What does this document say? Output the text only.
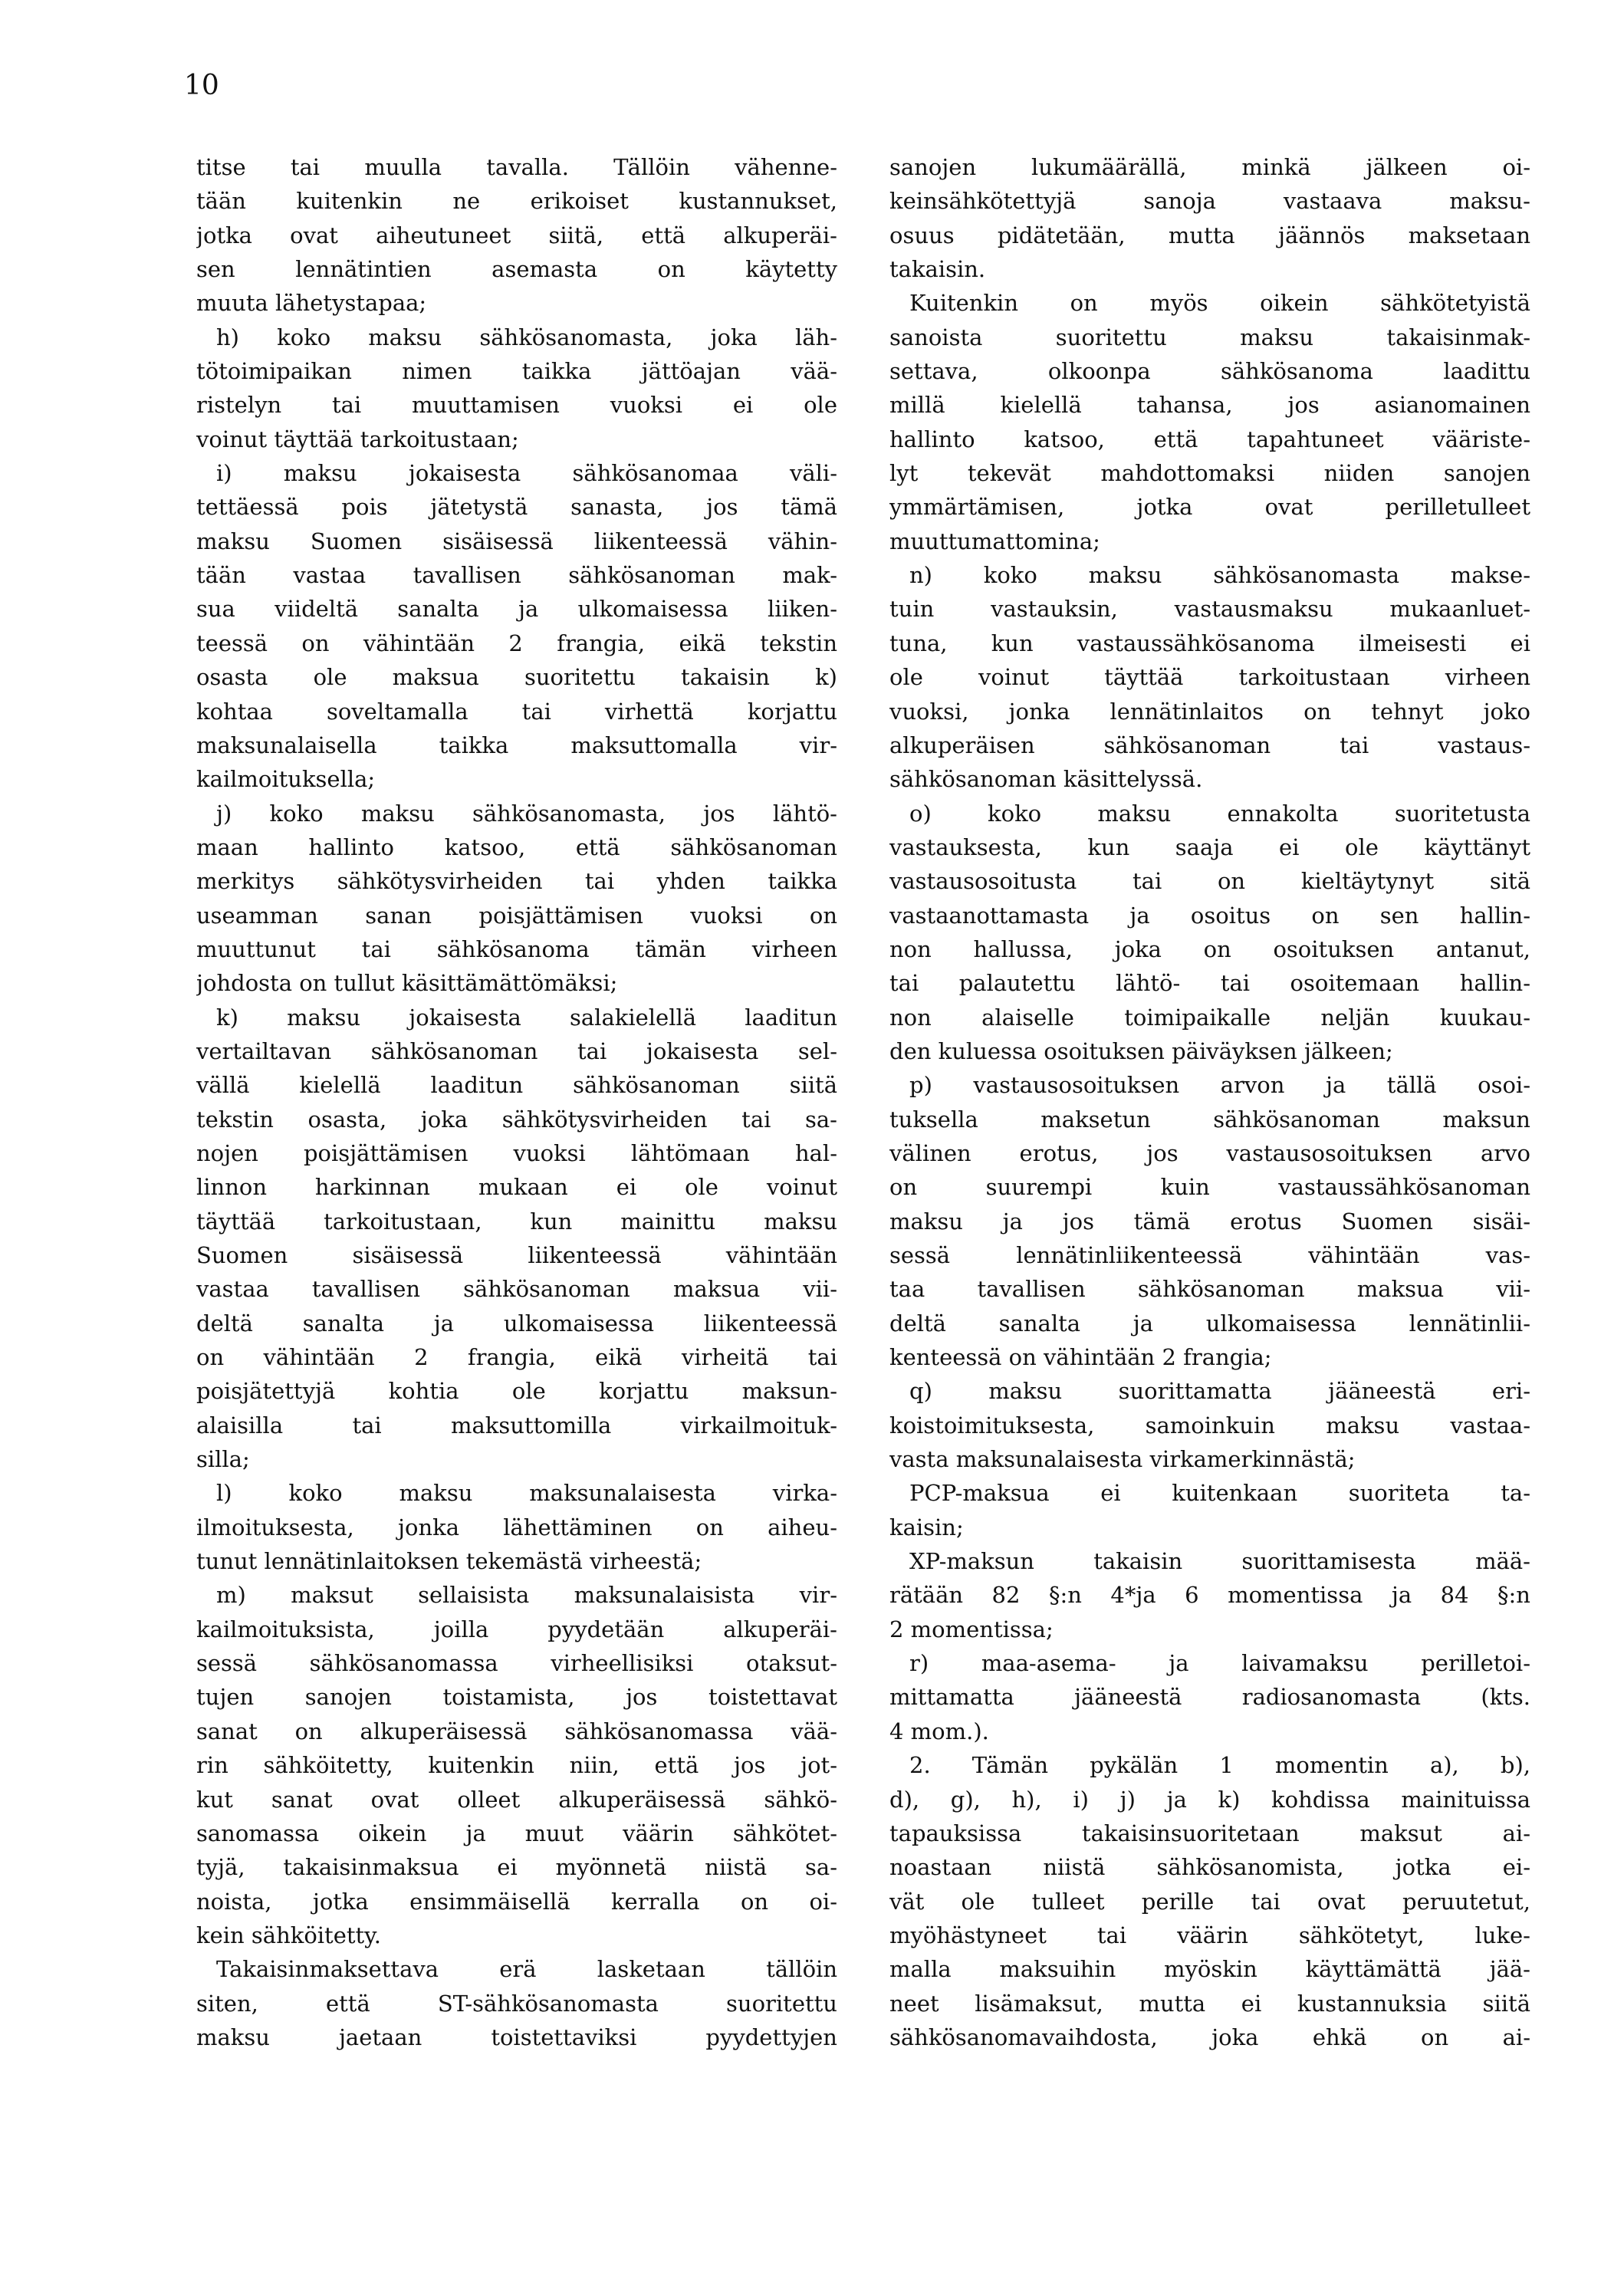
10
titse tai muulla tavalla. Tällöin vähenne-
tään kuitenkin ne erikoiset kustannukset,
jotka ovat aiheutuneet siitä, että alkuperäi-
sen lennätintien asemasta on käytetty
muuta lähetystapaa;
h) koko maksu sähkösanomasta, joka läh-
tötoimipaikan nimen taikka jättöajan vää-
ristelyn tai muuttamisen vuoksi ei ole
voinut täyttää tarkoitustaan;
i) maksu jokaisesta sähkösanomaa väli-
tettäessä pois jätetystä sanasta, jos tämä
maksu Suomen sisäisessä liikenteessä vähin-
tään vastaa tavallisen sähkösanoman mak-
sua viideltä sanalta ja ulkomaisessa liiken-
teessä on vähintään 2 frangia, eikä tekstin
osasta ole maksua suoritettu takaisin k)
kohtaa soveltamalla tai virhettä korjattu
maksunalaisella taikka maksuttomalla vir-
kailmoituksella;
j) koko maksu sähkösanomasta, jos lähtö-
maan hallinto katsoo, että sähkösanoman
merkitys sähkötysvirheiden tai yhden taikka
useamman sanan poisjättämisen vuoksi on
muuttunut tai sähkösanoma tämän virheen
johdosta on tullut käsittämättömäksi;
k) maksu jokaisesta salakielellä laaditun
vertailtavan sähkösanoman tai jokaisesta sel-
vällä kielellä laaditun sähkösanoman siitä
tekstin osasta, joka sähkötysvirheiden tai sa-
nojen poisjättämisen vuoksi lähtömaan hal-
linnon harkinnan mukaan ei ole voinut
täyttää tarkoitustaan, kun mainittu maksu
Suomen sisäisessä liikenteessä vähintään
vastaa tavallisen sähkösanoman maksua vii-
deltä sanalta ja ulkomaisessa liikenteessä
on vähintään 2 frangia, eikä virheitä tai
poisjätettyjä kohtia ole korjattu maksun-
alaisilla tai maksuttomilla virkailmoituk-
silla;
l) koko maksu maksunalaisesta virka-
ilmoituksesta, jonka lähettäminen on aiheu-
tunut lennätinlaitoksen tekemästä virheestä;
m) maksut sellaisista maksunalaisista vir-
kailmoituksista, joilla pyydetään alkuperäi-
sessä sähkösanomassa virheellisiksi otaksut-
tujen sanojen toistamista, jos toistettavat
sanat on alkuperäisessä sähkösanomassa vää-
rin sähköitetty, kuitenkin niin, että jos jot-
kut sanat ovat olleet alkuperäisessä sähkö-
sanomassa oikein ja muut väärin sähkötet-
tyjä, takaisinmaksua ei myönnetä niistä sa-
noista, jotka ensimmäisellä kerralla on oi-
kein sähköitetty.
Takaisinmaksettava erä lasketaan tällöin
siten, että ST-sähkösanomasta suoritettu
maksu jaetaan toistettaviksi pyydettyjen
sanojen lukumäärällä, minkä jälkeen oi-
keinsähkötettyjä sanoja vastaava maksu-
osuus pidätetään, mutta jäännös maksetaan
takaisin.
Kuitenkin on myös oikein sähkötetyistä
sanoista suoritettu maksu takaisinmak-
settava, olkoonpa sähkösanoma laadittu
millä kielellä tahansa, jos asianomainen
hallinto katsoo, että tapahtuneet vääriste-
lyt tekevät mahdottomaksi niiden sanojen
ymmärtämisen, jotka ovat perilletulleet
muuttumattomina;
n) koko maksu sähkösanomasta makse-
tuin vastauksin, vastausmaksu mukaanluet-
tuna, kun vastaussähkösanoma ilmeisesti ei
ole voinut täyttää tarkoitustaan virheen
vuoksi, jonka lennätinlaitos on tehnyt joko
alkuperäisen sähkösanoman tai vastaus-
sähkösanoman käsittelyssä.
o) koko maksu ennakolta suoritetusta
vastauksesta, kun saaja ei ole käyttänyt
vastausosoitusta tai on kieltäytynyt sitä
vastaanottamasta ja osoitus on sen hallin-
non hallussa, joka on osoituksen antanut,
tai palautettu lähtö- tai osoitemaan hallin-
non alaiselle toimipaikalle neljän kuukau-
den kuluessa osoituksen päiväyksen jälkeen;
p) vastausosoituksen arvon ja tällä osoi-
tuksella maksetun sähkösanoman maksun
välinen erotus, jos vastausosoituksen arvo
on suurempi kuin vastaussähkösanoman
maksu ja jos tämä erotus Suomen sisäi-
sessä lennätinliikenteessä vähintään vas-
taa tavallisen sähkösanoman maksua vii-
deltä sanalta ja ulkomaisessa lennätinlii-
kenteessä on vähintään 2 frangia;
q) maksu suorittamatta jääneestä eri-
koistoimituksesta, samoinkuin maksu vastaa-
vasta maksunalaisesta virkamerkinnästä;
PCP-maksua ei kuitenkaan suoriteta ta-
kaisin;
XP-maksun takaisin suorittamisesta mää-
rätään 82 §:n 4*ja 6 momentissa ja 84 §:n
2 momentissa;
r) maa-asema- ja laivamaksu perilletoi-
mittamatta jääneestä radiosanomasta (kts.
4 mom.).
2. Tämän pykälän 1 momentin a), b),
d), g), h), i) j) ja k) kohdissa mainituissa
tapauksissa takaisinsuoritetaan maksut ai-
noastaan niistä sähkösanomista, jotka ei-
vät ole tulleet perille tai ovat peruutetut,
myöhästyneet tai väärin sähkötetyt, luke-
malla maksuihin myöskin käyttämättä jää-
neet lisämaksut, mutta ei kustannuksia siitä
sähkösanomavaihdosta, joka ehkä on ai-
